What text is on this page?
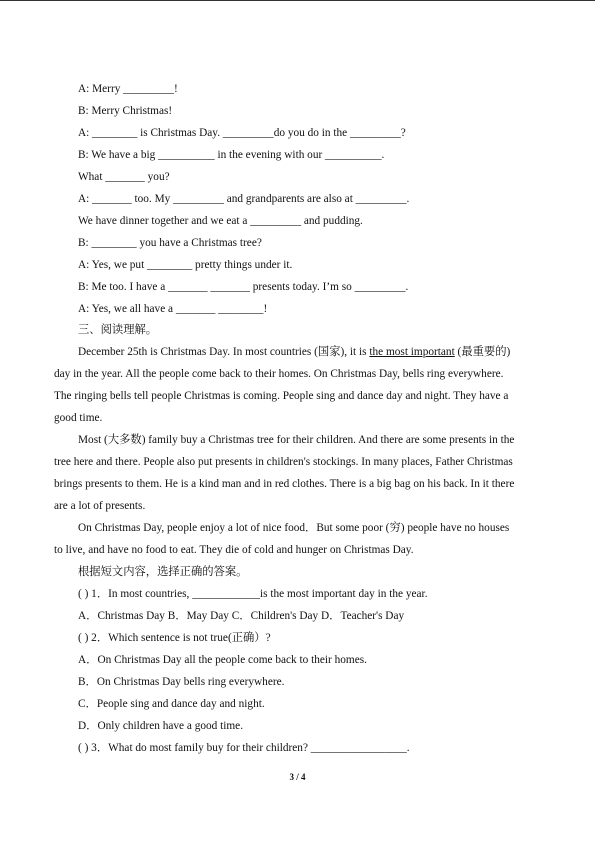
A: Merry _________!
B: Merry Christmas!
A: ________ is Christmas Day. _________do you do in the _________?
B: We have a big __________ in the evening with our __________.
What _______ you?
A: _______ too. My _________ and grandparents are also at _________.
We have dinner together and we eat a _________ and pudding.
B: ________ you have a Christmas tree?
A: Yes, we put ________ pretty things under it.
B: Me too. I have a _______ _______ presents today. I’m so _________.
A: Yes, we all have a _______ ________!
三、阅读理解。
December 25th is Christmas Day. In most countries (国家), it is the most important (最重要的)
day in the year. All the people come back to their homes. On Christmas Day, bells ring everywhere.
The ringing bells tell people Christmas is coming. People sing and dance day and night. They have a
good time.
Most (大多数) family buy a Christmas tree for their children. And there are some presents in the
tree here and there. People also put presents in children's stockings. In many places, Father Christmas
brings presents to them. He is a kind man and in red clothes. There is a big bag on his back. In it there
are a lot of presents.
On Christmas Day, people enjoy a lot of nice food．But some poor (穷) people have no houses
to live, and have no food to eat. They die of cold and hunger on Christmas Day.
根据短文内容，选择正确的答案。
( ) 1．In most countries, ____________is the most important day in the year.
A．Christmas Day B．May Day C．Children's Day D．Teacher's Day
( ) 2．Which sentence is not true(正确）?
A．On Christmas Day all the people come back to their homes.
B．On Christmas Day bells ring everywhere.
C．People sing and dance day and night.
D．Only children have a good time.
( ) 3．What do most family buy for their children? _________________.
3 / 4
